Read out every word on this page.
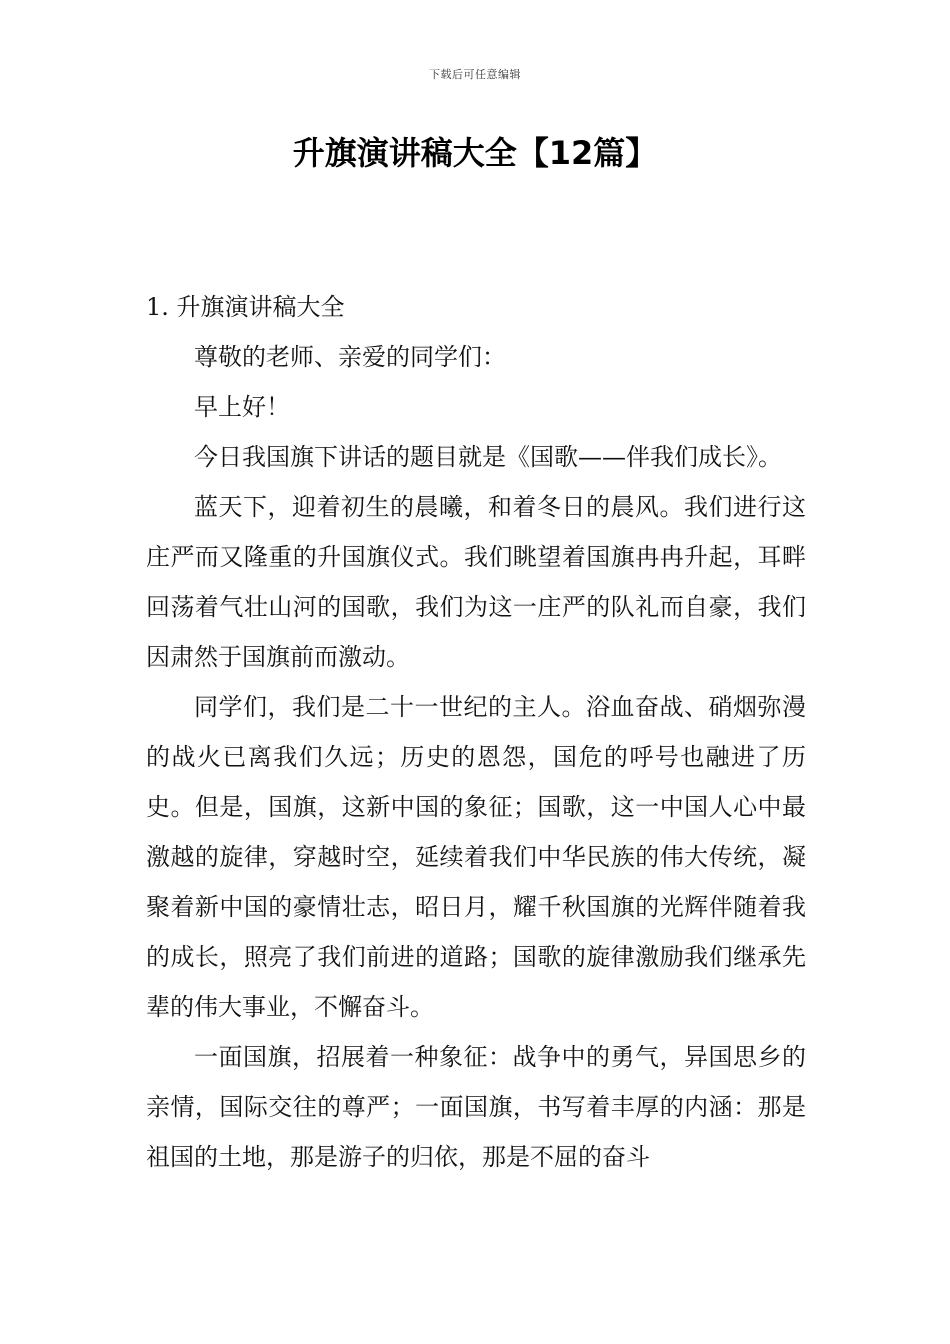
下载后可任意编辑
升旗演讲稿大全【12篇】

1. 升旗演讲稿大全

尊敬的老师、亲爱的同学们：

早上好！

今日我国旗下讲话的题目就是《国歌——伴我们成长》。

蓝天下，迎着初生的晨曦，和着冬日的晨风。我们进行这庄严而又隆重的升国旗仪式。我们眺望着国旗冉冉升起，耳畔回荡着气壮山河的国歌，我们为这一庄严的队礼而自豪，我们因肃然于国旗前而激动。

同学们，我们是二十一世纪的主人。浴血奋战、硝烟弥漫的战火已离我们久远；历史的恩怨，国危的呼号也融进了历史。但是，国旗，这新中国的象征；国歌，这一中国人心中最 激越的旋律，穿越时空，延续着我们中华民族的伟大传统，凝聚着新中国的豪情壮志，昭日月，耀千秋国旗的光辉伴随着我的成长，照亮了我们前进的道路；国歌的旋律激励我们继承先辈的伟大事业，不懈奋斗。

一面国旗，招展着一种象征：战争中的勇气，异国思乡的亲情，国际交往的尊严；一面国旗，书写着丰厚的内涵：那是祖国的土地，那是游子的归依，那是不屈的奋斗
